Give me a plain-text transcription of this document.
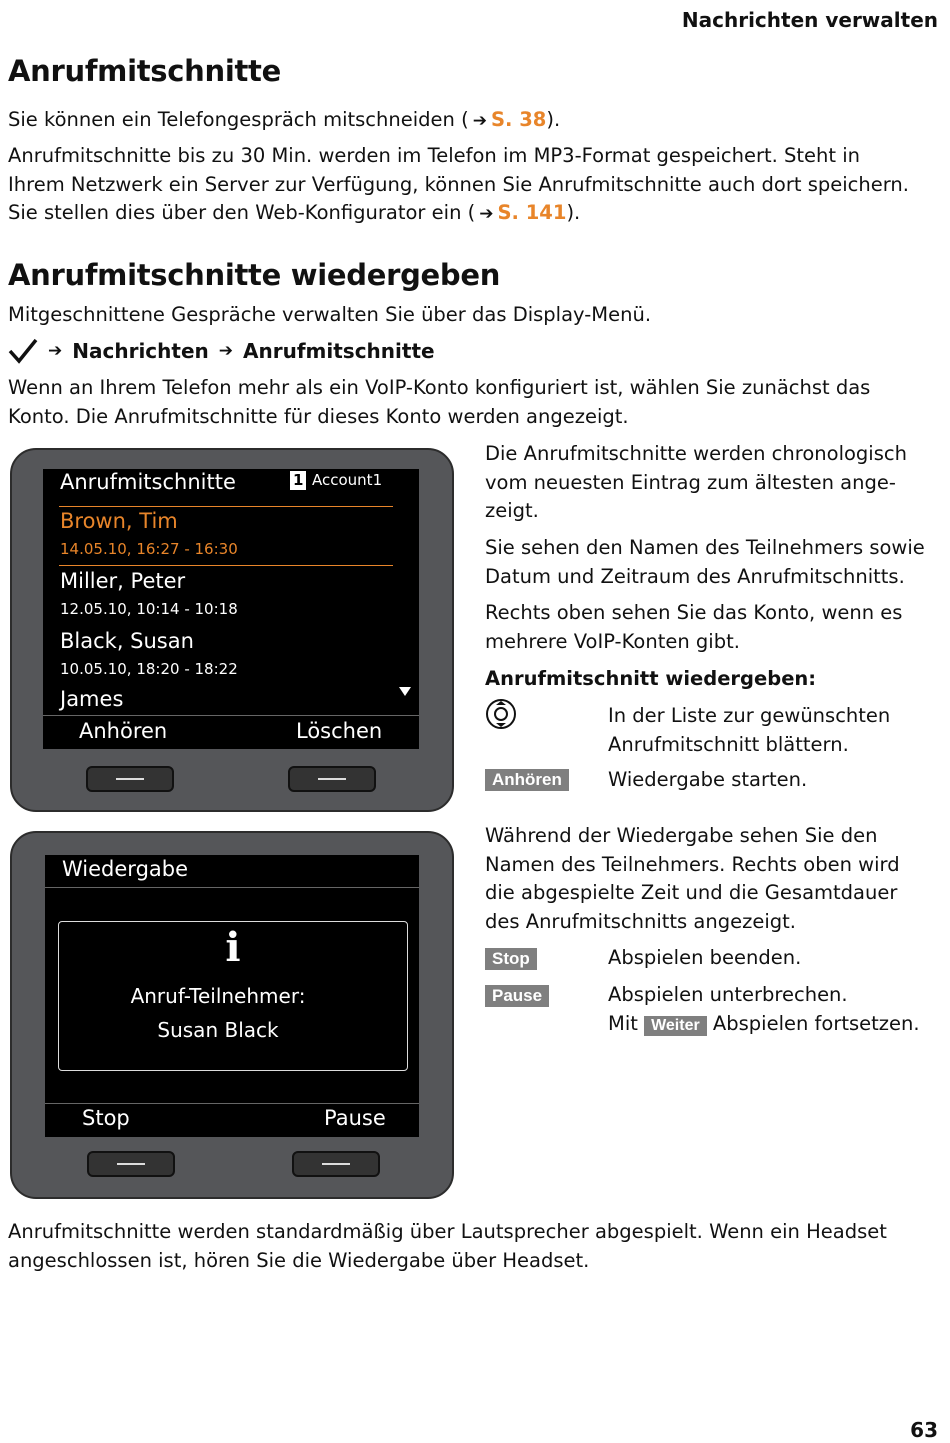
Nachrichten verwalten
Anrufmitschnitte
Sie können ein Telefongespräch mitschneiden ( ➔ S. 38).
Anrufmitschnitte bis zu 30 Min. werden im Telefon im MP3-Format gespeichert. Steht in
Ihrem Netzwerk ein Server zur Verfügung, können Sie Anrufmitschnitte auch dort speichern.
Sie stellen dies über den Web-Konfigurator ein ( ➔ S. 141).
Anrufmitschnitte wiedergeben
Mitgeschnittene Gespräche verwalten Sie über das Display-Menü.
➔ Nachrichten ➔ Anrufmitschnitte
Wenn an Ihrem Telefon mehr als ein VoIP-Konto konfiguriert ist, wählen Sie zunächst das
Konto. Die Anrufmitschnitte für dieses Konto werden angezeigt.
Anrufmitschnitte	1 Account1
Brown, Tim
14.05.10, 16:27 - 16:30
Miller, Peter
12.05.10, 10:14 - 10:18
Black, Susan
10.05.10, 18:20 - 18:22
James
Anhören	Löschen
Wiedergabe
i
Anruf-Teilnehmer:
Susan Black
Stop	Pause
Die Anrufmitschnitte werden chronologisch
vom neuesten Eintrag zum ältesten ange-
zeigt.
Sie sehen den Namen des Teilnehmers sowie
Datum und Zeitraum des Anrufmitschnitts.
Rechts oben sehen Sie das Konto, wenn es
mehrere VoIP-Konten gibt.
Anrufmitschnitt wiedergeben:
In der Liste zur gewünschten
Anrufmitschnitt blättern.
Anhören	Wiedergabe starten.
Während der Wiedergabe sehen Sie den
Namen des Teilnehmers. Rechts oben wird
die abgespielte Zeit und die Gesamtdauer
des Anrufmitschnitts angezeigt.
Stop	Abspielen beenden.
Pause	Abspielen unterbrechen.
Mit Weiter Abspielen fortsetzen.
Anrufmitschnitte werden standardmäßig über Lautsprecher abgespielt. Wenn ein Headset
angeschlossen ist, hören Sie die Wiedergabe über Headset.
63
